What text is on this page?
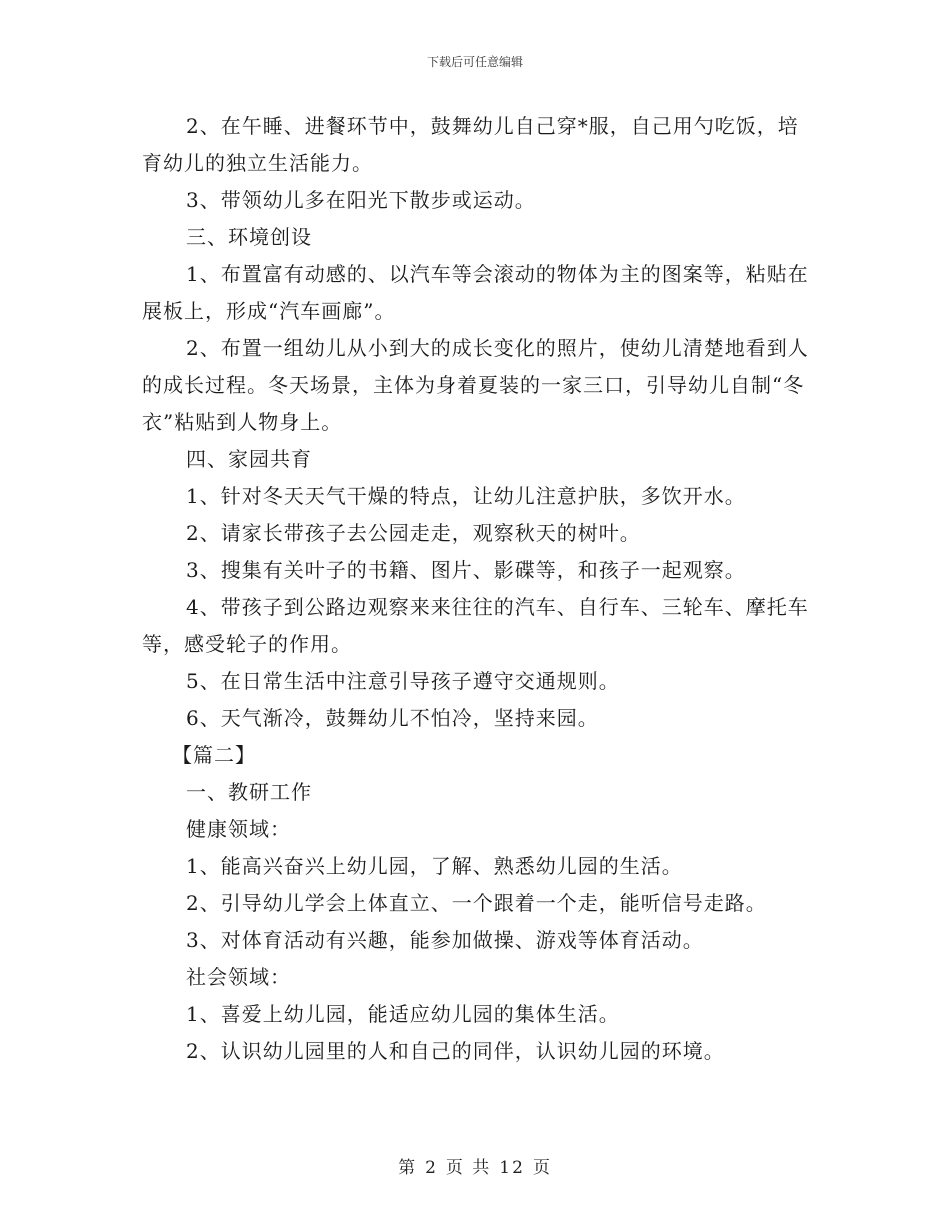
下载后可任意编辑

2、在午睡、进餐环节中，鼓舞幼儿自己穿*服，自己用勺吃饭，培育幼儿的独立生活能力。

3、带领幼儿多在阳光下散步或运动。

三、环境创设

1、布置富有动感的、以汽车等会滚动的物体为主的图案等，粘贴在展板上，形成“汽车画廊”。

2、布置一组幼儿从小到大的成长变化的照片，使幼儿清楚地看到人的成长过程。冬天场景，主体为身着夏装的一家三口，引导幼儿自制“冬衣”粘贴到人物身上。

四、家园共育

1、针对冬天天气干燥的特点，让幼儿注意护肤，多饮开水。

2、请家长带孩子去公园走走，观察秋天的树叶。

3、搜集有关叶子的书籍、图片、影碟等，和孩子一起观察。

4、带孩子到公路边观察来来往往的汽车、自行车、三轮车、摩托车等，感受轮子的作用。

5、在日常生活中注意引导孩子遵守交通规则。

6、天气渐冷，鼓舞幼儿不怕冷，坚持来园。

【篇二】

一、教研工作

健康领域：

1、能高兴奋兴上幼儿园，了解、熟悉幼儿园的生活。

2、引导幼儿学会上体直立、一个跟着一个走，能听信号走路。

3、对体育活动有兴趣，能参加做操、游戏等体育活动。

社会领域：

1、喜爱上幼儿园，能适应幼儿园的集体生活。

2、认识幼儿园里的人和自己的同伴，认识幼儿园的环境。

第 2 页 共 12 页
